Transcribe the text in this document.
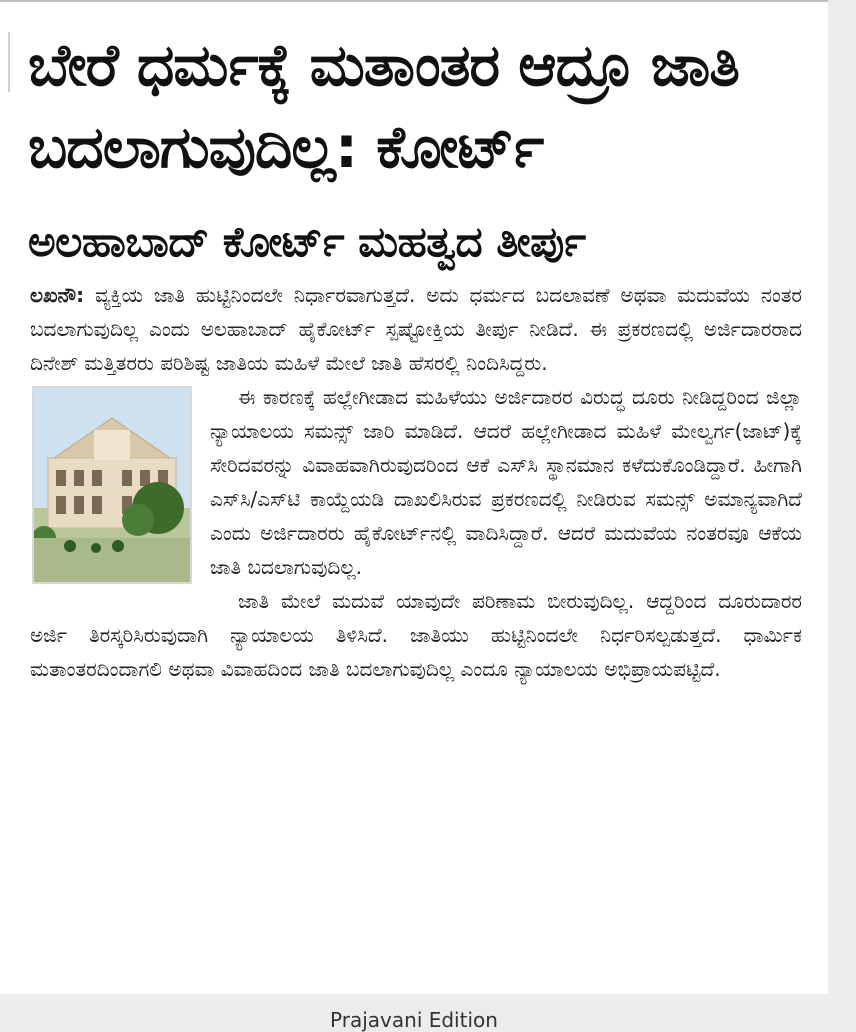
ಬೇರೆ ಧರ್ಮಕ್ಕೆ ಮತಾಂತರ ಆದ್ರೂ ಜಾತಿ ಬದಲಾಗುವುದಿಲ್ಲ: ಕೋರ್ಟ್
ಅಲಹಾಬಾದ್ ಕೋರ್ಟ್ ಮಹತ್ವದ ತೀರ್ಪು

ಲಖನೌ: ವ್ಯಕ್ತಿಯ ಜಾತಿ ಹುಟ್ಟಿನಿಂದಲೇ ನಿರ್ಧಾರವಾಗುತ್ತದೆ. ಅದು ಧರ್ಮದ ಬದಲಾವಣೆ ಅಥವಾ ಮದುವೆಯ ನಂತರ ಬದಲಾಗುವುದಿಲ್ಲ ಎಂದು ಅಲಹಾಬಾದ್ ಹೈಕೋರ್ಟ್ ಸ್ಪಷ್ಟೋಕ್ತಿಯ ತೀರ್ಪು ನೀಡಿದೆ. ಈ ಪ್ರಕರಣದಲ್ಲಿ ಅರ್ಜಿದಾರರಾದ ದಿನೇಶ್ ಮತ್ತಿತರರು ಪರಿಶಿಷ್ಟ ಜಾತಿಯ ಮಹಿಳೆ ಮೇಲೆ ಜಾತಿ ಹೆಸರಲ್ಲಿ ನಿಂದಿಸಿದ್ದರು.

ಈ ಕಾರಣಕ್ಕೆ ಹಲ್ಲೇಗೀಡಾದ ಮಹಿಳೆಯು ಅರ್ಜಿದಾರರ ವಿರುದ್ಧ ದೂರು ನೀಡಿದ್ದರಿಂದ ಜಿಲ್ಲಾ ನ್ಯಾಯಾಲಯ ಸಮನ್ಸ್ ಜಾರಿ ಮಾಡಿದೆ. ಆದರೆ ಹಲ್ಲೇಗೀಡಾದ ಮಹಿಳೆ ಮೇಲ್ವರ್ಗ(ಜಾಟ್)ಕ್ಕೆ ಸೇರಿದವರನ್ನು ವಿವಾಹವಾಗಿರುವುದರಿಂದ ಆಕೆ ಎಸ್‌ಸಿ ಸ್ಥಾನಮಾನ ಕಳೆದುಕೊಂಡಿದ್ದಾರೆ. ಹೀಗಾಗಿ ಎಸ್‌ಸಿ/ಎಸ್‌ಟಿ ಕಾಯ್ದೆಯಡಿ ದಾಖಲಿಸಿರುವ ಪ್ರಕರಣದಲ್ಲಿ ನೀಡಿರುವ ಸಮನ್ಸ್ ಅಮಾನ್ಯವಾಗಿದೆ ಎಂದು ಅರ್ಜಿದಾರರು ಹೈಕೋರ್ಟ್‌ನಲ್ಲಿ ವಾದಿಸಿದ್ದಾರೆ. ಆದರೆ ಮದುವೆಯ ನಂತರವೂ ಆಕೆಯ ಜಾತಿ ಬದಲಾಗುವುದಿಲ್ಲ.

ಜಾತಿ ಮೇಲೆ ಮದುವೆ ಯಾವುದೇ ಪರಿಣಾಮ ಬೀರುವುದಿಲ್ಲ. ಆದ್ದರಿಂದ ದೂರುದಾರರ ಅರ್ಜಿ ತಿರಸ್ಕರಿಸಿರುವುದಾಗಿ ನ್ಯಾಯಾಲಯ ತಿಳಿಸಿದೆ. ಜಾತಿಯು ಹುಟ್ಟಿನಿಂದಲೇ ನಿರ್ಧರಿಸಲ್ಪಡುತ್ತದೆ. ಧಾರ್ಮಿಕ ಮತಾಂತರದಿಂದಾಗಲಿ ಅಥವಾ ವಿವಾಹದಿಂದ ಜಾತಿ ಬದಲಾಗುವುದಿಲ್ಲ ಎಂದೂ ನ್ಯಾಯಾಲಯ ಅಭಿಪ್ರಾಯಪಟ್ಟಿದೆ.

Prajavani Edition
